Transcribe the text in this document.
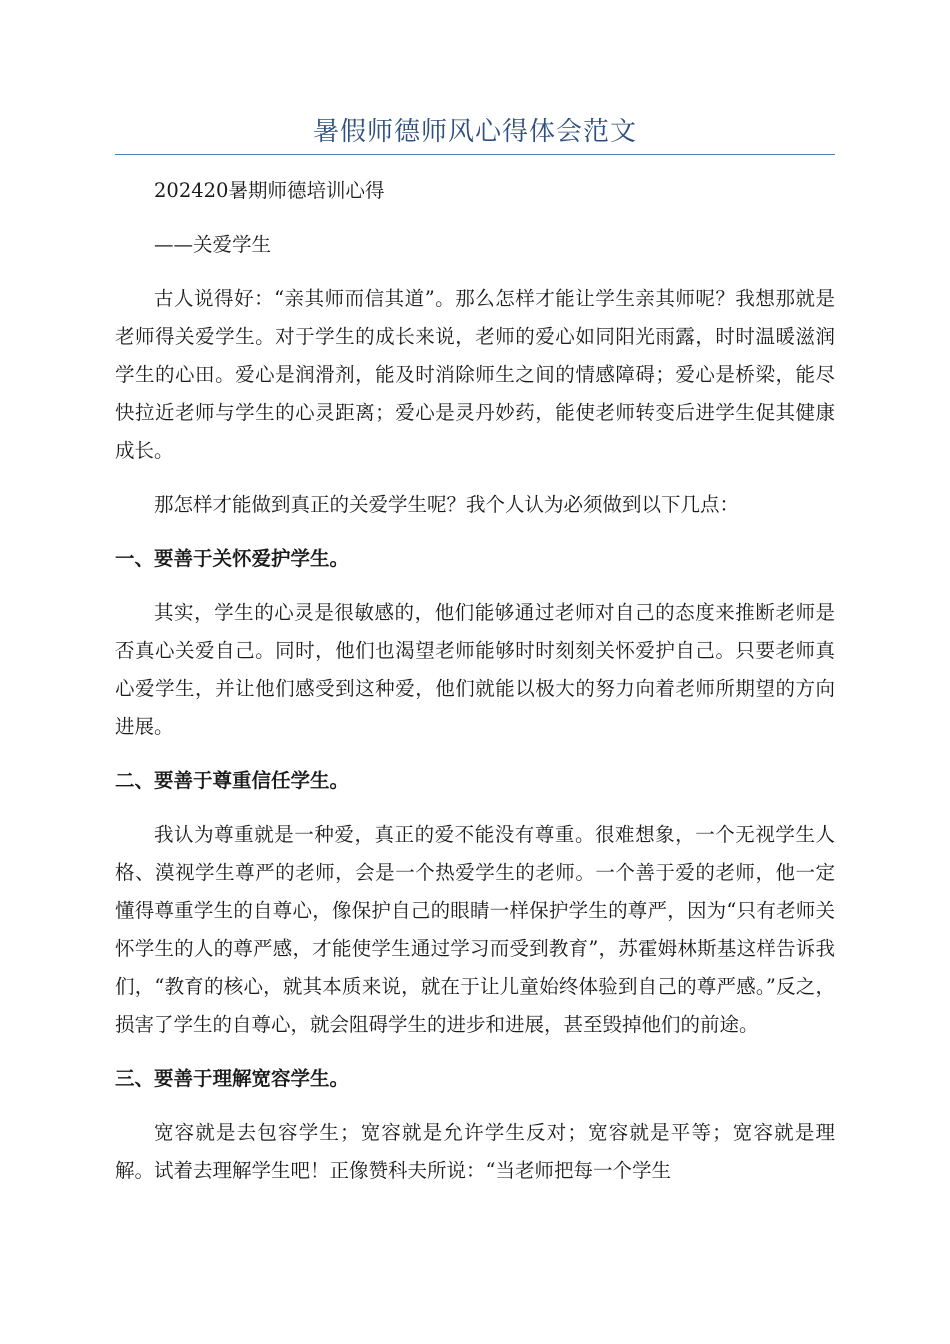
暑假师德师风心得体会范文

202420暑期师德培训心得

——关爱学生

古人说得好：“亲其师而信其道”。那么怎样才能让学生亲其师呢？我想那就是老师得关爱学生。对于学生的成长来说，老师的爱心如同阳光雨露，时时温暖滋润学生的心田。爱心是润滑剂，能及时消除师生之间的情感障碍；爱心是桥梁，能尽快拉近老师与学生的心灵距离；爱心是灵丹妙药，能使老师转变后进学生促其健康成长。

那怎样才能做到真正的关爱学生呢？我个人认为必须做到以下几点：

一、要善于关怀爱护学生。

其实，学生的心灵是很敏感的，他们能够通过老师对自己的态度来推断老师是否真心关爱自己。同时，他们也渴望老师能够时时刻刻关怀爱护自己。只要老师真心爱学生，并让他们感受到这种爱，他们就能以极大的努力向着老师所期望的方向进展。

二、要善于尊重信任学生。

我认为尊重就是一种爱，真正的爱不能没有尊重。很难想象，一个无视学生人格、漠视学生尊严的老师，会是一个热爱学生的老师。一个善于爱的老师，他一定懂得尊重学生的自尊心，像保护自己的眼睛一样保护学生的尊严，因为“只有老师关怀学生的人的尊严感，才能使学生通过学习而受到教育”，苏霍姆林斯基这样告诉我们，“教育的核心，就其本质来说，就在于让儿童始终体验到自己的尊严感。”反之，损害了学生的自尊心，就会阻碍学生的进步和进展，甚至毁掉他们的前途。

三、要善于理解宽容学生。

宽容就是去包容学生；宽容就是允许学生反对；宽容就是平等；宽容就是理解。试着去理解学生吧！正像赞科夫所说：“当老师把每一个学生
